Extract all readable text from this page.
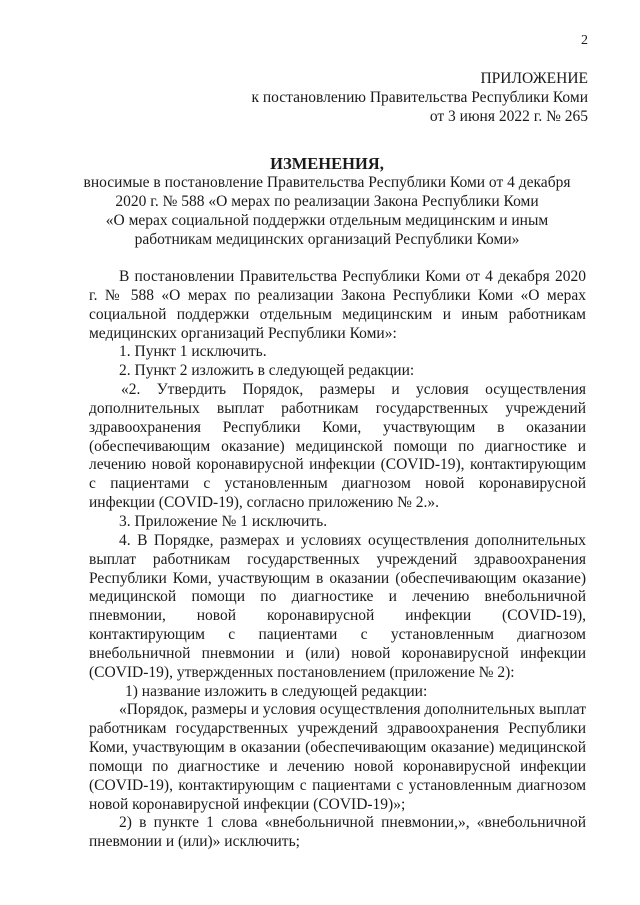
2
ПРИЛОЖЕНИЕ
к постановлению Правительства Республики Коми
от 3 июня 2022 г. № 265
ИЗМЕНЕНИЯ,
вносимые в постановление Правительства Республики Коми от 4 декабря
2020 г. № 588 «О мерах по реализации Закона Республики Коми
«О мерах социальной поддержки отдельным медицинским и иным
работникам медицинских организаций Республики Коми»

В постановлении Правительства Республики Коми от 4 декабря 2020 г. № 588 «О мерах по реализации Закона Республики Коми «О мерах социальной поддержки отдельным медицинским и иным работникам медицинских организаций Республики Коми»:

1. Пункт 1 исключить.

2. Пункт 2 изложить в следующей редакции:

«2. Утвердить Порядок, размеры и условия осуществления дополнительных выплат работникам государственных учреждений здравоохранения Республики Коми, участвующим в оказании (обеспечивающим оказание) медицинской помощи по диагностике и лечению новой коронавирусной инфекции (COVID-19), контактирующим с пациентами с установленным диагнозом новой коронавирусной инфекции (COVID-19), согласно приложению № 2.».

3. Приложение № 1 исключить.

4. В Порядке, размерах и условиях осуществления дополнительных выплат работникам государственных учреждений здравоохранения Республики Коми, участвующим в оказании (обеспечивающим оказание) медицинской помощи по диагностике и лечению внебольничной пневмонии, новой коронавирусной инфекции (COVID-19), контактирующим с пациентами с установленным диагнозом внебольничной пневмонии и (или) новой коронавирусной инфекции (COVID-19), утвержденных постановлением (приложение № 2):

1) название изложить в следующей редакции:

«Порядок, размеры и условия осуществления дополнительных выплат работникам государственных учреждений здравоохранения Республики Коми, участвующим в оказании (обеспечивающим оказание) медицинской помощи по диагностике и лечению новой коронавирусной инфекции (COVID-19), контактирующим с пациентами с установленным диагнозом новой коронавирусной инфекции (COVID-19)»;

2) в пункте 1 слова «внебольничной пневмонии,», «внебольничной пневмонии и (или)» исключить;
